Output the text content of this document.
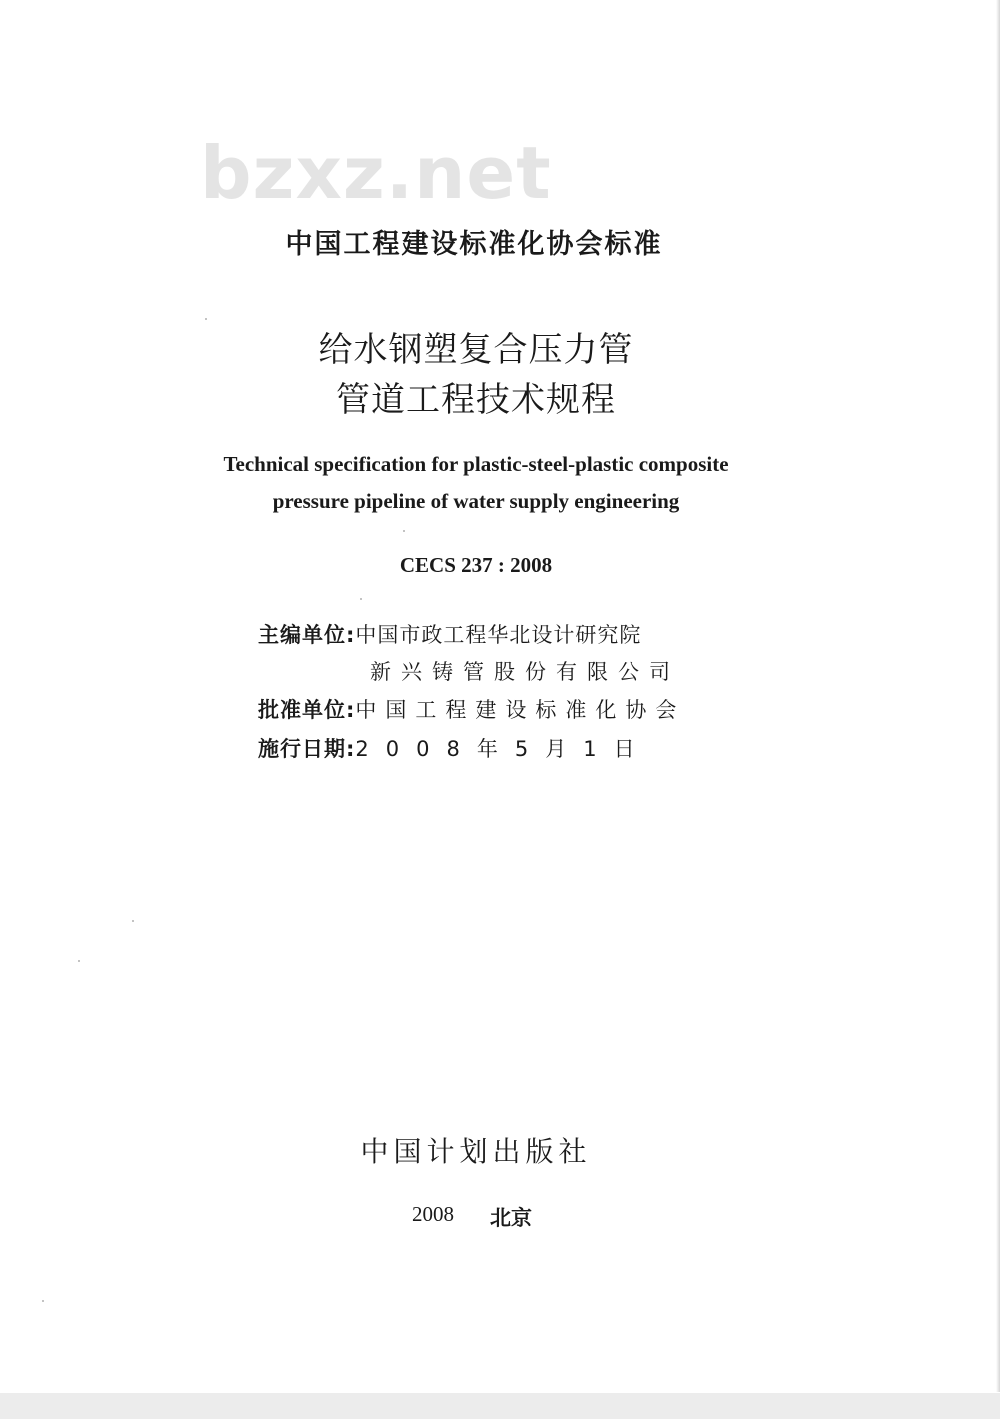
bzxz.net
中国工程建设标准化协会标准
给水钢塑复合压力管
管道工程技术规程
Technical specification for plastic-steel-plastic composite
pressure pipeline of water supply engineering
CECS 237 : 2008
主编单位:中国市政工程华北设计研究院
新兴铸管股份有限公司
批准单位:中国工程建设标准化协会
施行日期:2008年5月1日
中国计划出版社
2008 北京
